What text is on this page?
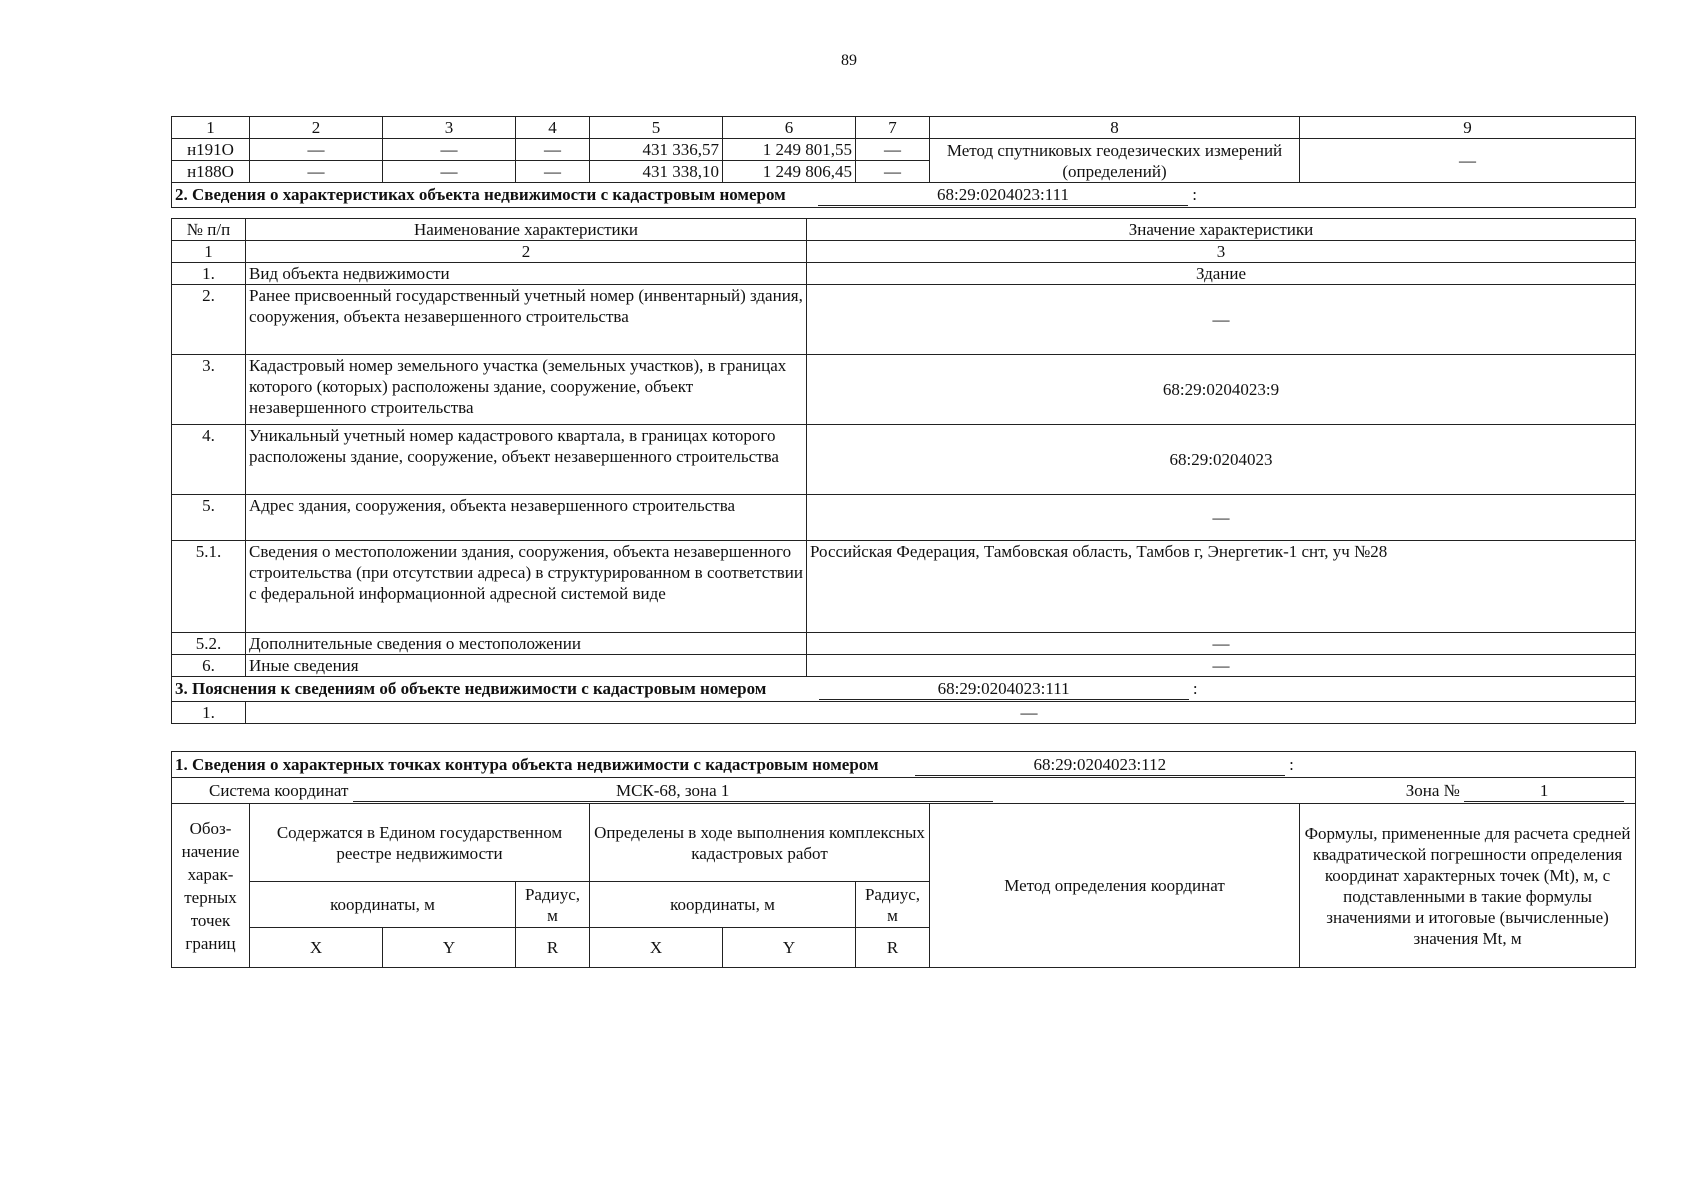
89
1	2	3	4	5	6	7	8	9
н191О	—	—	—	431 336,57	1 249 801,55	—	Метод спутниковых геодезических измерений (определений)	—
н188О	—	—	—	431 338,10	1 249 806,45	—		
2. Сведения о характеристиках объекта недвижимости с кадастровым номером 68:29:0204023:111 :								
№ п/п	Наименование характеристики	Значение характеристики
1	2	3
1.	Вид объекта недвижимости	Здание
2.	Ранее присвоенный государственный учетный номер (инвентарный) здания, сооружения, объекта незавершенного строительства	—
3.	Кадастровый номер земельного участка (земельных участков), в границах которого (которых) расположены здание, сооружение, объект незавершенного строительства	68:29:0204023:9
4.	Уникальный учетный номер кадастрового квартала, в границах которого расположены здание, сооружение, объект незавершенного строительства	68:29:0204023
5.	Адрес здания, сооружения, объекта незавершенного строительства	—
5.1.	Сведения о местоположении здания, сооружения, объекта незавершенного строительства (при отсутствии адреса) в структурированном в соответствии с федеральной информационной адресной системой виде	Российская Федерация, Тамбовская область, Тамбов г, Энергетик-1 снт, уч №28
5.2.	Дополнительные сведения о местоположении	—
6.	Иные сведения	—
3. Пояснения к сведениям об объекте недвижимости с кадастровым номером 68:29:0204023:111 :		
1.	—	
1. Сведения о характерных точках контура объекта недвижимости с кадастровым номером 68:29:0204023:112 :								
Система координат МСК-68, зона 1 Зона № 1								

Обоз-начение харак-терных точек границ	Содержатся в Едином государственном реестре недвижимости			Определены в ходе выполнения комплексных кадастровых работ			Метод определения координат	Формулы, примененные для расчета средней квадратической погрешности определения координат характерных точек (Mt), м, с подставленными в такие формулы значениями и итоговые (вычисленные) значения Mt, м
	координаты, м		Радиус, м	координаты, м		Радиус, м		
	X	Y	R	X	Y	R		
